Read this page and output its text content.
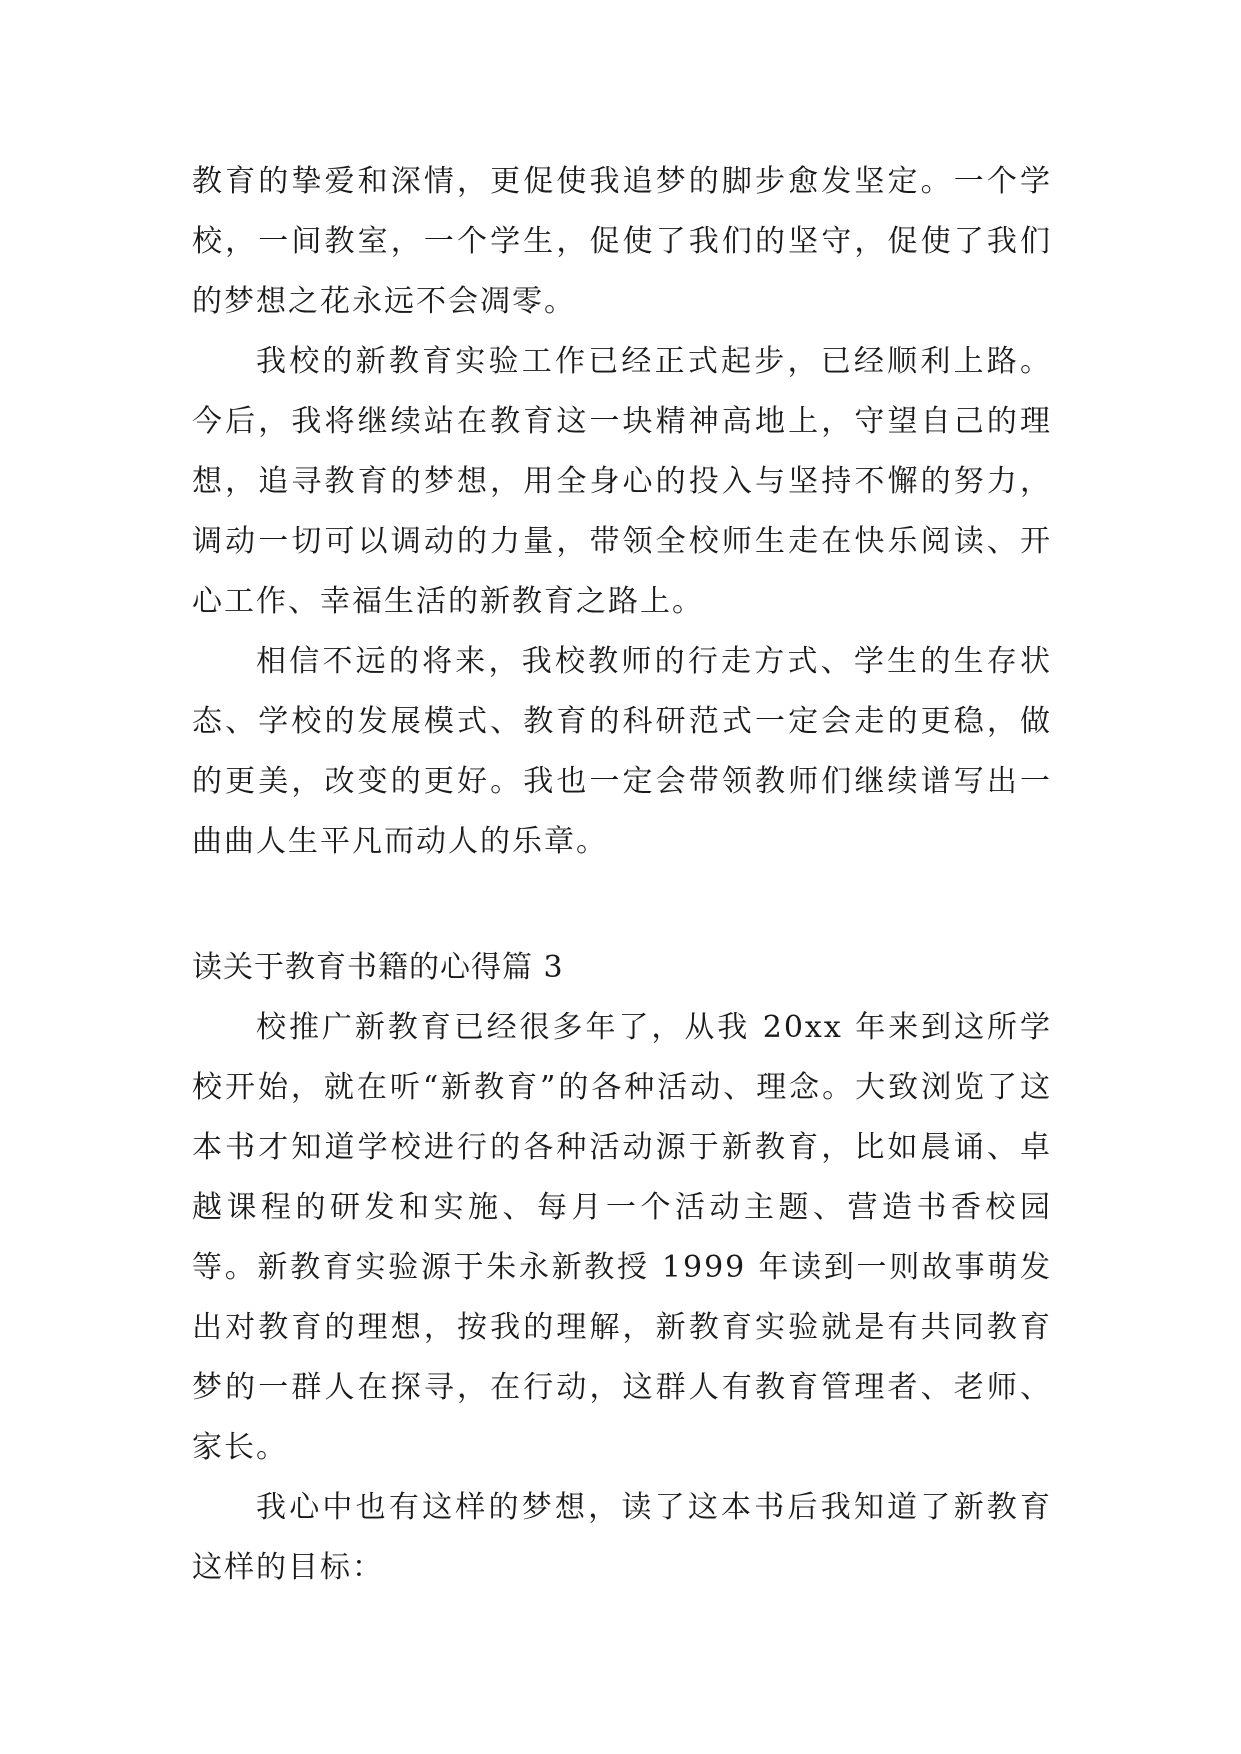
教育的挚爱和深情，更促使我追梦的脚步愈发坚定。一个学校，一间教室，一个学生，促使了我们的坚守，促使了我们的梦想之花永远不会凋零。

我校的新教育实验工作已经正式起步，已经顺利上路。今后，我将继续站在教育这一块精神高地上，守望自己的理想，追寻教育的梦想，用全身心的投入与坚持不懈的努力，调动一切可以调动的力量，带领全校师生走在快乐阅读、开心工作、幸福生活的新教育之路上。

相信不远的将来，我校教师的行走方式、学生的生存状态、学校的发展模式、教育的科研范式一定会走的更稳，做的更美，改变的更好。我也一定会带领教师们继续谱写出一曲曲人生平凡而动人的乐章。

读关于教育书籍的心得篇 3

校推广新教育已经很多年了，从我 20xx 年来到这所学校开始，就在听“新教育”的各种活动、理念。大致浏览了这本书才知道学校进行的各种活动源于新教育，比如晨诵、卓越课程的研发和实施、每月一个活动主题、营造书香校园等。新教育实验源于朱永新教授 1999 年读到一则故事萌发出对教育的理想，按我的理解，新教育实验就是有共同教育梦的一群人在探寻，在行动，这群人有教育管理者、老师、家长。

我心中也有这样的梦想，读了这本书后我知道了新教育这样的目标：
